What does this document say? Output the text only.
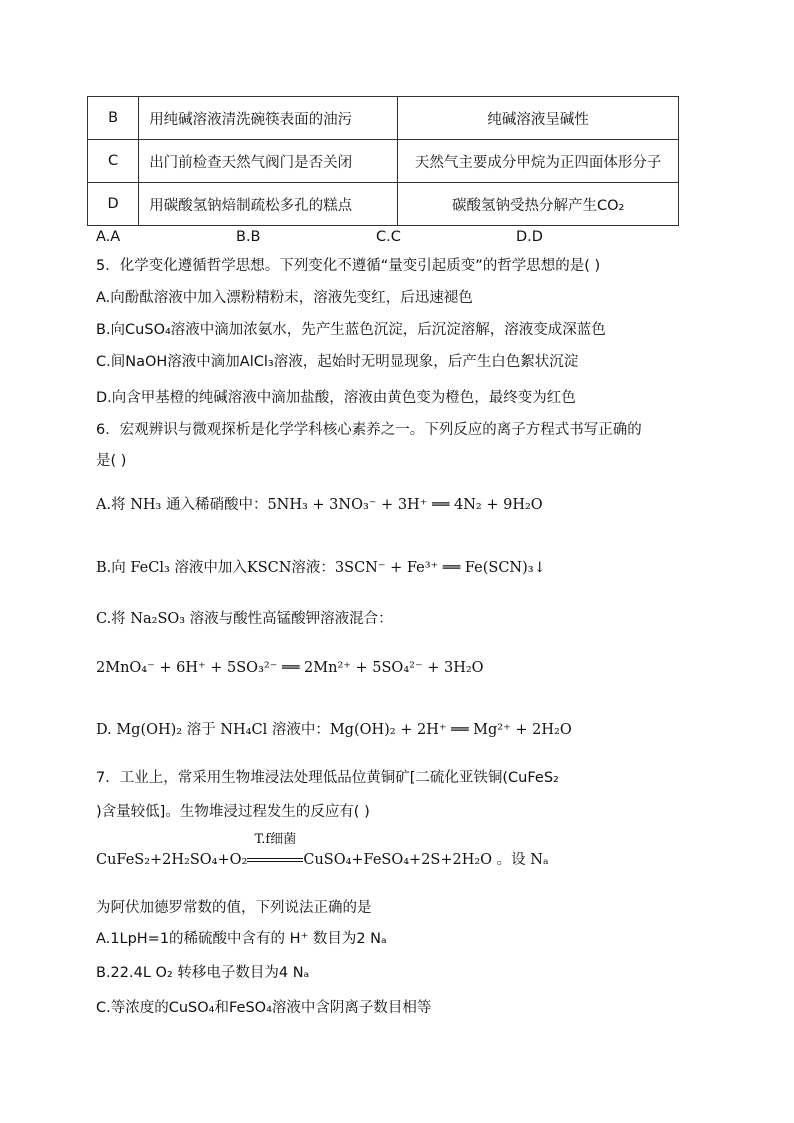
B	用纯碱溶液清洗碗筷表面的油污	纯碱溶液呈碱性
C	出门前检查天然气阀门是否关闭	天然气主要成分甲烷为正四面体形分子
D	用碳酸氢钠焙制疏松多孔的糕点	碳酸氢钠受热分解产生CO₂
A.A	B.B	C.C	D.D
5．化学变化遵循哲学思想。下列变化不遵循“量变引起质变”的哲学思想的是( )
A.向酚酞溶液中加入漂粉精粉末，溶液先变红，后迅速褪色
B.向CuSO₄溶液中滴加浓氨水，先产生蓝色沉淀，后沉淀溶解，溶液变成深蓝色
C.间NaOH溶液中滴加AlCl₃溶液，起始时无明显现象，后产生白色絮状沉淀
D.向含甲基橙的纯碱溶液中滴加盐酸，溶液由黄色变为橙色，最终变为红色
6．宏观辨识与微观探析是化学学科核心素养之一。下列反应的离子方程式书写正确的
是( )
A.将 NH₃ 通入稀硝酸中：5NH₃ + 3NO₃⁻ + 3H⁺ ══ 4N₂ + 9H₂O
B.向 FeCl₃ 溶液中加入KSCN溶液：3SCN⁻ + Fe³⁺ ══ Fe(SCN)₃↓
C.将 Na₂SO₃ 溶液与酸性高锰酸钾溶液混合：
2MnO₄⁻ + 6H⁺ + 5SO₃²⁻ ══ 2Mn²⁺ + 5SO₄²⁻ + 3H₂O
D. Mg(OH)₂ 溶于 NH₄Cl 溶液中：Mg(OH)₂ + 2H⁺ ══ Mg²⁺ + 2H₂O
7．工业上，常采用生物堆浸法处理低品位黄铜矿[二硫化亚铁铜(CuFeS₂
)含量较低]。生物堆浸过程发生的反应有( )
CuFeS₂+2H₂SO₄+O₂
T.f细菌
CuSO₄+FeSO₄+2S+2H₂O 。设 Nₐ
为阿伏加德罗常数的值，下列说法正确的是
A.1LpH=1的稀硫酸中含有的 H⁺ 数目为2 Nₐ
B.22.4L O₂ 转移电子数目为4 Nₐ
C.等浓度的CuSO₄和FeSO₄溶液中含阴离子数目相等
